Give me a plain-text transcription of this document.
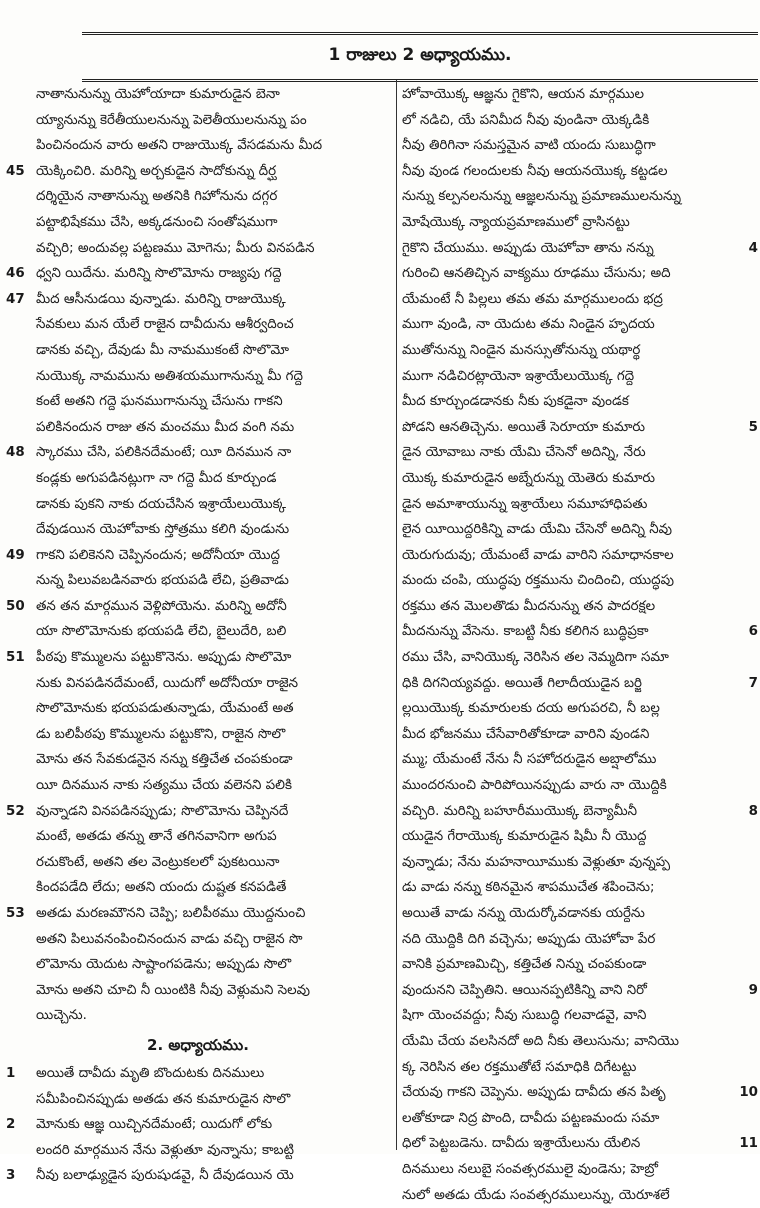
1 రాజులు 2 అధ్యాయము.
నాతానునున్ను యెహోయాదా కుమారుడైన బెనా
య్యానున్ను కెరేతీయులనున్ను పెలెతీయులనున్ను పం
పించినందున వారు అతని రాజుయొక్క వేసడమను మీద
45 యెక్కించిరి. మరిన్ని అర్చకుడైన సాదోకున్ను దీర్ఘ
దర్శియైన నాతానున్ను అతనికి గిహోనును దగ్గర
పట్టాభిషేకము చేసి, అక్కడనుంచి సంతోషముగా
వచ్చిరి; అందువల్ల పట్టణము మోగెను; మీరు వినపడిన
46 ధ్వని యిదేను. మరిన్ని సొలొమోను రాజ్యపు గద్దె
47 మీద ఆసీనుడయి వున్నాడు. మరిన్ని రాజుయొక్క
సేవకులు మన యేలే రాజైన దావీదును ఆశీర్వదించ
డానకు వచ్చి, దేవుడు మీ నామముకంటే సొలొమో
నుయొక్క నామమును అతిశయముగానున్ను మీ గద్దె
కంటే అతని గద్దె ఘనముగానున్ను చేసును గాకని
పలికినందున రాజు తన మంచము మీద వంగి నమ
48 స్కారము చేసి, పలికినదేమంటే; యీ దినమున నా
కండ్లకు అగుపడినట్లుగా నా గద్దె మీద కూర్చుండ
డానకు పుకని నాకు దయచేసిన ఇశ్రాయేలుయొక్క
దేవుడయిన యెహోవాకు స్తోత్రము కలిగి వుండును
49 గాకని పలికెనని చెప్పినందున; అదోనీయా యొద్ద
నున్న పిలువబడినవారు భయపడి లేచి, ప్రతివాడు
50 తన తన మార్గమున వెళ్లిపోయెను. మరిన్ని అదోనీ
యా సొలొమోనుకు భయపడి లేచి, బైలుదేరి, బలి
51 పీఠపు కొమ్ములను పట్టుకొనెను. అప్పుడు సొలొమో
నుకు వినపడినదేమంటే, యిదుగో అదోనీయా రాజైన
సొలొమోనుకు భయపడుతున్నాడు, యేమంటే అత
డు బలిపీఠపు కొమ్ములను పట్టుకొని, రాజైన సొలొ
మోను తన సేవకుడనైన నన్ను కత్తిచేత చంపకుండా
యీ దినమున నాకు సత్యము చేయ వలెనని పలికి
52 వున్నాడని వినపడినప్పుడు; సొలొమోను చెప్పినదే
మంటే, అతడు తన్ను తానే తగినవానిగా అగుప
రచుకొంటే, అతని తల వెంట్రుకలలో పుకటయినా
కిందపడేది లేదు; అతని యందు దుష్టత కనపడితే
53 అతడు మరణమౌనని చెప్పి; బలిపీఠము యొద్దనుంచి
అతని పిలువనంపించినందున వాడు వచ్చి రాజైన సొ
లొమోను యెదుట సాష్టాంగపడెను; అప్పుడు సొలొ
మోను అతని చూచి నీ యింటికి నీవు వెళ్లుమని సెలవు
యిచ్చెను.
2. అధ్యాయము.
1 అయితే దావీదు మృతి బొందుటకు దినములు
సమీపించినప్పుడు అతడు తన కుమారుడైన సొలొ
2 మోనుకు ఆజ్ఞ యిచ్చినదేమంటే; యిదుగో లోకు
లందరి మార్గమున నేను వెళ్లుతూ వున్నాను; కాబట్టి
3 నీవు బలాఢ్యుడైన పురుషుడవై, నీ దేవుడయిన యె
హోవాయొక్క ఆజ్ఞను గైకొని, ఆయన మార్గముల
లో నడిచి, యే పనిమీద నీవు వుండినా యెక్కడికి
నీవు తిరిగినా సమస్తమైన వాటి యందు సుబుద్ధిగా
నీవు వుండ గలందులకు నీవు ఆయనయొక్క కట్టడల
నున్ను కల్పనలనున్ను ఆజ్ఞలనున్ను ప్రమాణములనున్ను
మోషేయొక్క న్యాయప్రమాణములో వ్రాసినట్టు
4
గైకొని చేయుము. అప్పుడు యెహోవా తాను నన్ను
గురించి ఆనతిచ్చిన వాక్యము రూఢము చేసును; అది
యేమంటే నీ పిల్లలు తమ తమ మార్గములందు భద్ర
ముగా వుండి, నా యెదుట తమ నిండైన హృదయ
ముతోనున్ను నిండైన మనస్సుతోనున్ను యథార్థ
ముగా నడిచిరట్లాయెనా ఇశ్రాయేలుయొక్క గద్దె
మీద కూర్చుండడానకు నీకు పుకడైనా వుండక
5
పోడని ఆనతిచ్చెను. అయితే సెరూయా కుమారు
డైన యోవాబు నాకు యేమి చేసెనో అదిన్ని, నేరు
యొక్క కుమారుడైన అబ్నేరున్ను యెతెరు కుమారు
డైన అమాశాయున్ను ఇశ్రాయేలు సమూహాధిపతు
లైన యీయిద్దరికిన్ని వాడు యేమి చేసెనో అదిన్ని నీవు
యెరుగుదువు; యేమంటే వాడు వారిని సమాధానకాల
మందు చంపి, యుద్ధపు రక్తమును చిందించి, యుద్ధపు
రక్తము తన మొలతొడు మీదనున్ను తన పాదరక్షల
6
మీదనున్ను వేసెను. కాబట్టి నీకు కలిగిన బుద్ధిప్రకా
రము చేసి, వానియొక్క నెరిసిన తల నెమ్మదిగా సమా
7
ధికి దిగనియ్యవద్దు. అయితే గిలాదీయుడైన బర్జి
ల్లయియొక్క కుమారులకు దయ అగుపరచి, నీ బల్ల
మీద భోజనము చేసేవారితోకూడా వారిని వుండని
మ్ము; యేమంటే నేను నీ సహోదరుడైన అబ్షాలోము
ముందరనుంచి పారిపోయినప్పుడు వారు నా యొద్దికి
8
వచ్చిరి. మరిన్ని బహూరీముయొక్క బెన్యామీనీ
యుడైన గేరాయొక్క కుమారుడైన షిమీ నీ యొద్ద
వున్నాడు; నేను మహనాయీముకు వెళ్లుతూ వున్నప్ప
డు వాడు నన్ను కఠినమైన శాపముచేత శపించెను;
అయితే వాడు నన్ను యెదుర్కోవడానకు యర్దేను
నది యొద్దికి దిగి వచ్చెను; అప్పుడు యెహోవా పేర
వానికి ప్రమాణమిచ్చి, కత్తిచేత నిన్ను చంపకుండా
9
వుందునని చెప్పితిని. ఆయినప్పటికిన్ని వాని నిరో
షిగా యెంచవద్దు; నీవు సుబుద్ధి గలవాడవై, వాని
యేమి చేయ వలసినదో అది నీకు తెలుసును; వానియొ
క్క నెరిసిన తల రక్తముతోటే సమాధికి దిగేటట్టు
10
చేయవు గాకని చెప్పెను. అప్పుడు దావీదు తన పితృ
లతోకూడా నిద్ర పొంది, దావీదు పట్టణమందు సమా
11
ధిలో పెట్టబడెను. దావీదు ఇశ్రాయేలును యేలిన
దినములు నలుబై సంవత్సరములై వుండెను; హెబ్రో
నులో అతడు యేడు సంవత్సరములున్ను, యెరూశలే
